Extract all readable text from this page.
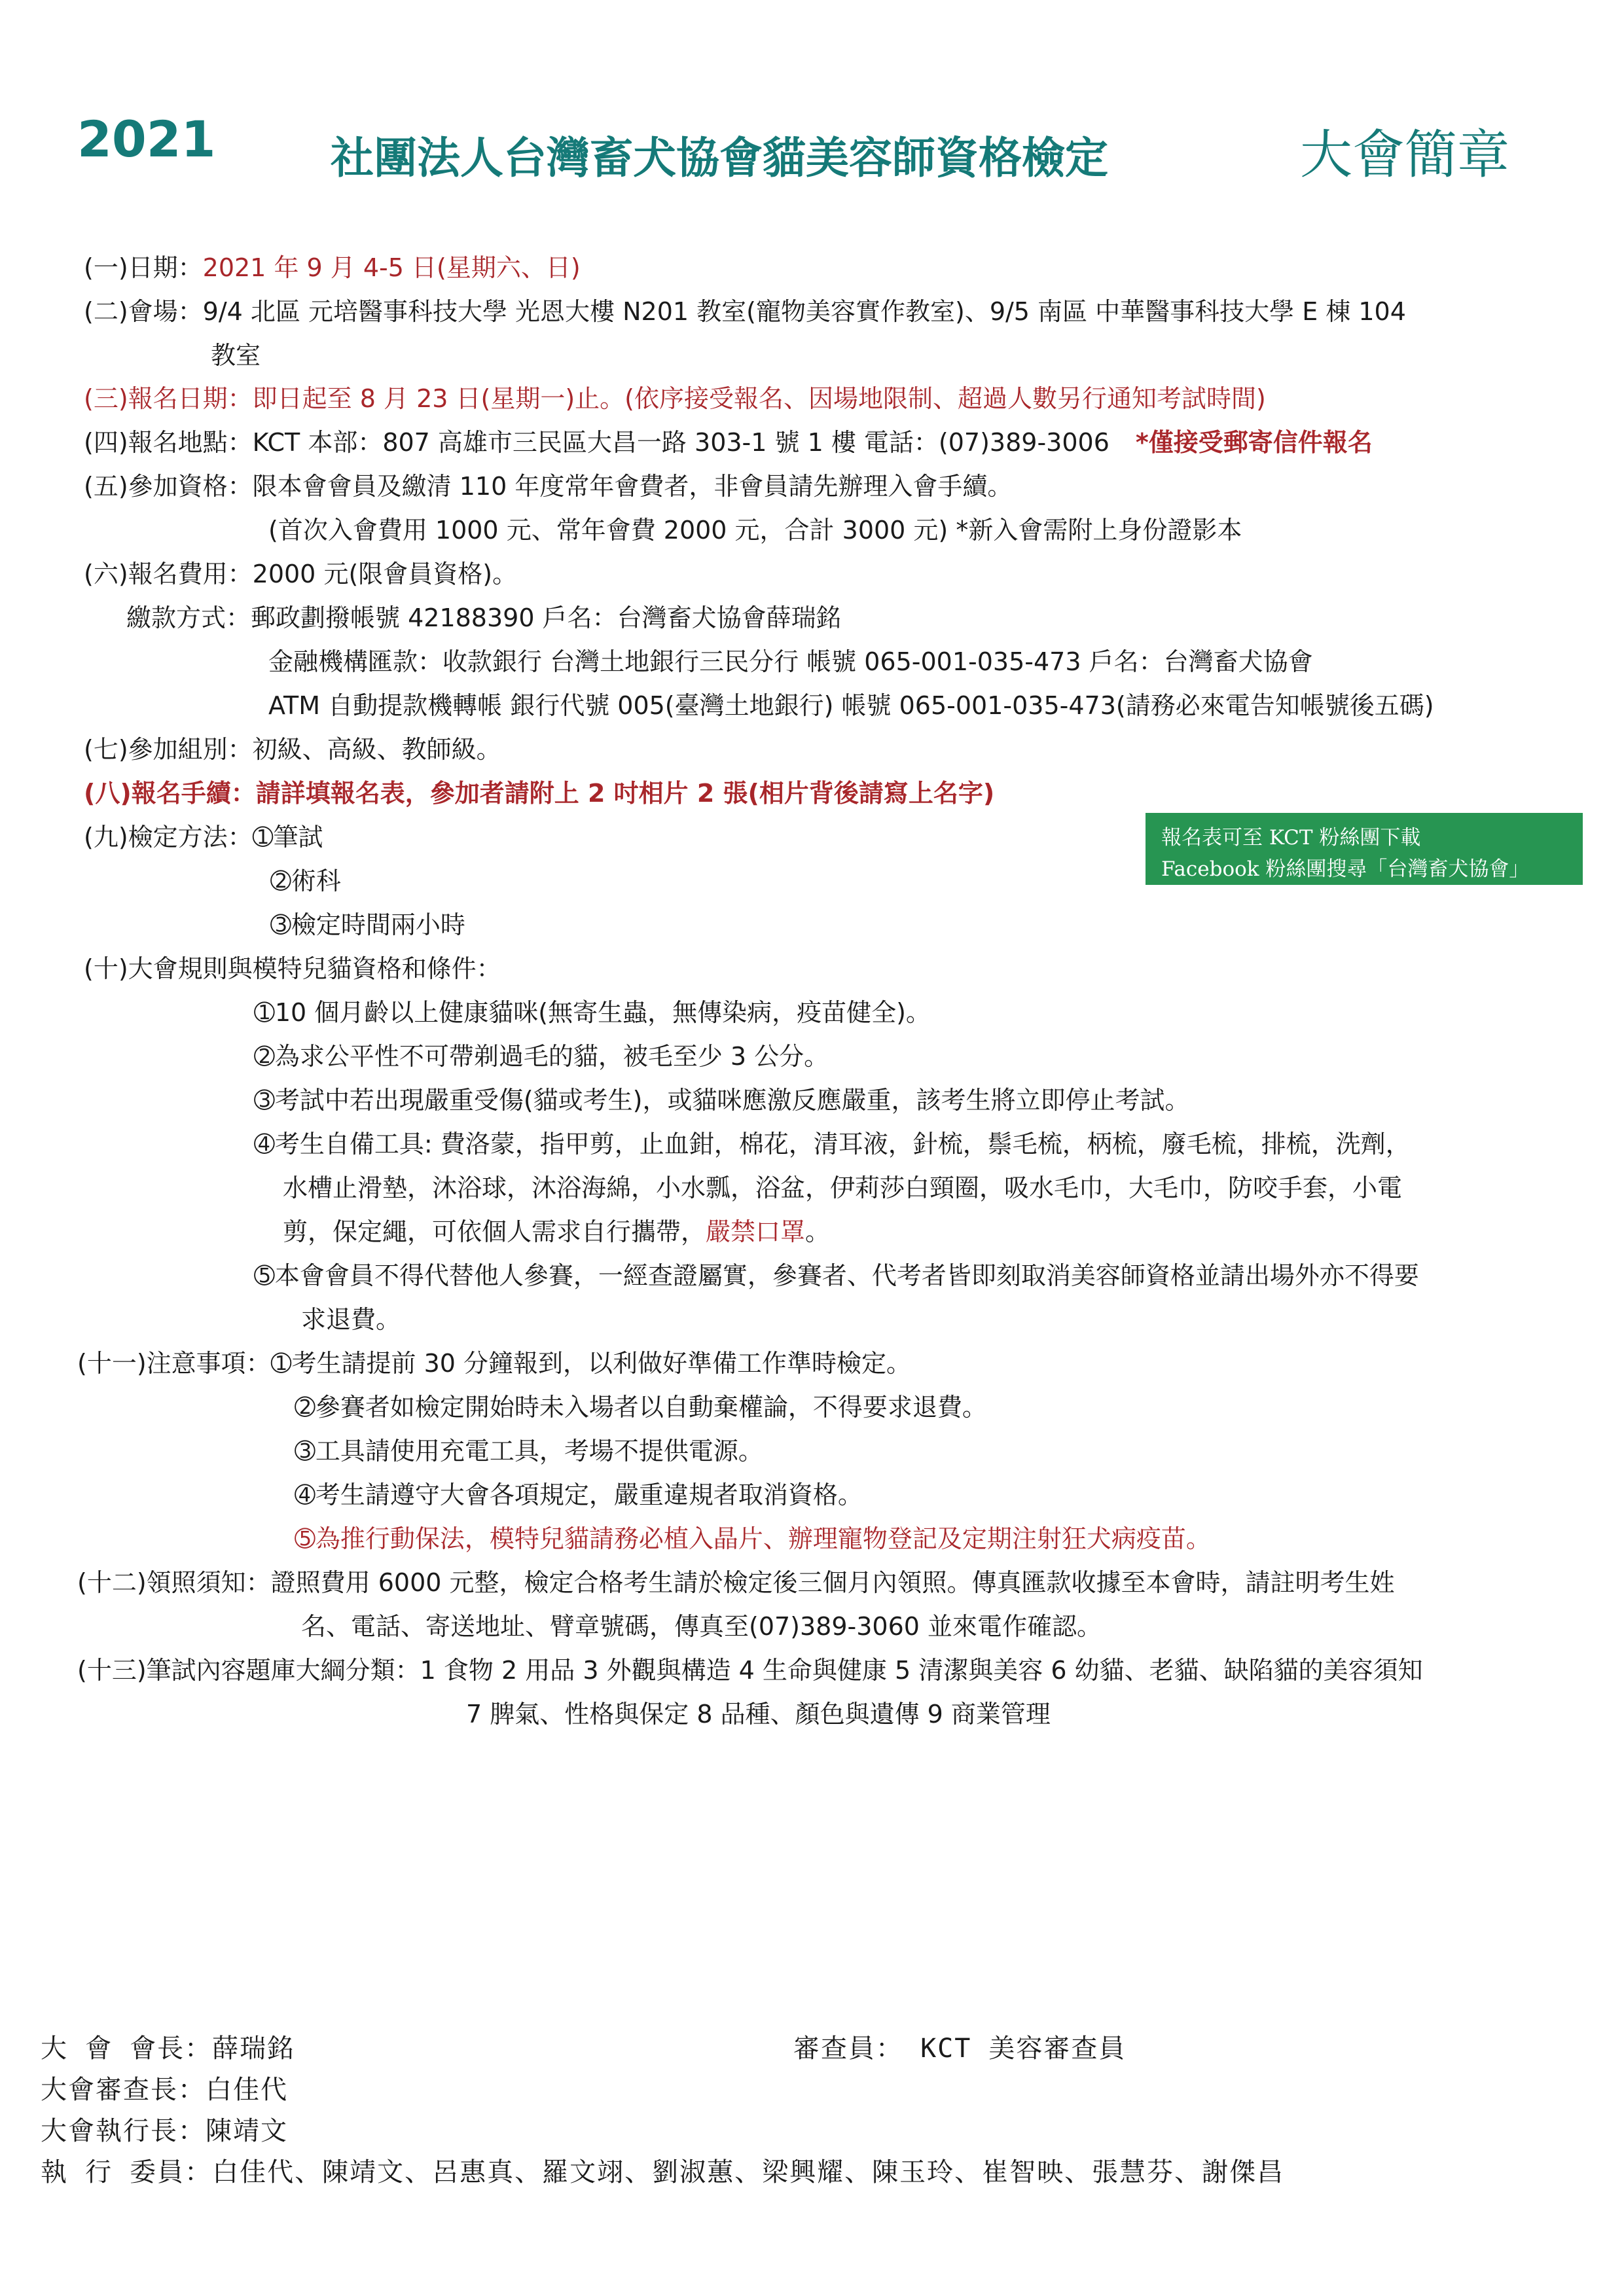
2021	社團法人台灣畜犬協會貓美容師資格檢定	大會簡章
(一)日期：2021 年 9 月 4-5 日(星期六、日)
(二)會場：9/4 北區 元培醫事科技大學 光恩大樓 N201 教室(寵物美容實作教室)、9/5 南區 中華醫事科技大學 E 棟 104
教室
(三)報名日期：即日起至 8 月 23 日(星期一)止。(依序接受報名、因場地限制、超過人數另行通知考試時間)
(四)報名地點：KCT 本部：807 高雄市三民區大昌一路 303-1 號 1 樓 電話：(07)389-3006 *僅接受郵寄信件報名
(五)參加資格：限本會會員及繳清 110 年度常年會費者，非會員請先辦理入會手續。
(首次入會費用 1000 元、常年會費 2000 元，合計 3000 元) *新入會需附上身份證影本
(六)報名費用：2000 元(限會員資格)。
繳款方式：郵政劃撥帳號 42188390 戶名：台灣畜犬協會薛瑞銘
金融機構匯款：收款銀行 台灣土地銀行三民分行 帳號 065-001-035-473 戶名：台灣畜犬協會
ATM 自動提款機轉帳 銀行代號 005(臺灣土地銀行) 帳號 065-001-035-473(請務必來電告知帳號後五碼)
(七)參加組別：初級、高級、教師級。
(八)報名手續：請詳填報名表，參加者請附上 2 吋相片 2 張(相片背後請寫上名字)
報名表可至 KCT 粉絲團下載
Facebook 粉絲團搜尋「台灣畜犬協會」
(九)檢定方法：➀筆試
➁術科
➂檢定時間兩小時
(十)大會規則與模特兒貓資格和條件：
➀10 個月齡以上健康貓咪(無寄生蟲，無傳染病，疫苗健全)。
➁為求公平性不可帶剃過毛的貓，被毛至少 3 公分。
➂考試中若出現嚴重受傷(貓或考生)，或貓咪應激反應嚴重，該考生將立即停止考試。
➃考生自備工具: 費洛蒙，指甲剪，止血鉗，棉花，清耳液，針梳，鬃毛梳，柄梳，廢毛梳，排梳，洗劑，
水槽止滑墊，沐浴球，沐浴海綿，小水瓢，浴盆，伊莉莎白頸圈，吸水毛巾，大毛巾，防咬手套，小電
剪，保定繩，可依個人需求自行攜帶，嚴禁口罩。
➄本會會員不得代替他人參賽，一經查證屬實，參賽者、代考者皆即刻取消美容師資格並請出場外亦不得要
求退費。
(十一)注意事項：➀考生請提前 30 分鐘報到，以利做好準備工作準時檢定。
➁參賽者如檢定開始時未入場者以自動棄權論，不得要求退費。
➂工具請使用充電工具，考場不提供電源。
➃考生請遵守大會各項規定，嚴重違規者取消資格。
➄為推行動保法，模特兒貓請務必植入晶片、辦理寵物登記及定期注射狂犬病疫苗。
(十二)領照須知：證照費用 6000 元整，檢定合格考生請於檢定後三個月內領照。傳真匯款收據至本會時，請註明考生姓
名、電話、寄送地址、臂章號碼，傳真至(07)389-3060 並來電作確認。
(十三)筆試內容題庫大綱分類：1 食物 2 用品 3 外觀與構造 4 生命與健康 5 清潔與美容 6 幼貓、老貓、缺陷貓的美容須知
7 脾氣、性格與保定 8 品種、顏色與遺傳 9 商業管理
大 會 會長：薛瑞銘	審查員： KCT 美容審查員
大會審查長：白佳代
大會執行長：陳靖文
執 行 委員：白佳代、陳靖文、呂惠真、羅文翊、劉淑蕙、梁興耀、陳玉玲、崔智映、張慧芬、謝傑昌
